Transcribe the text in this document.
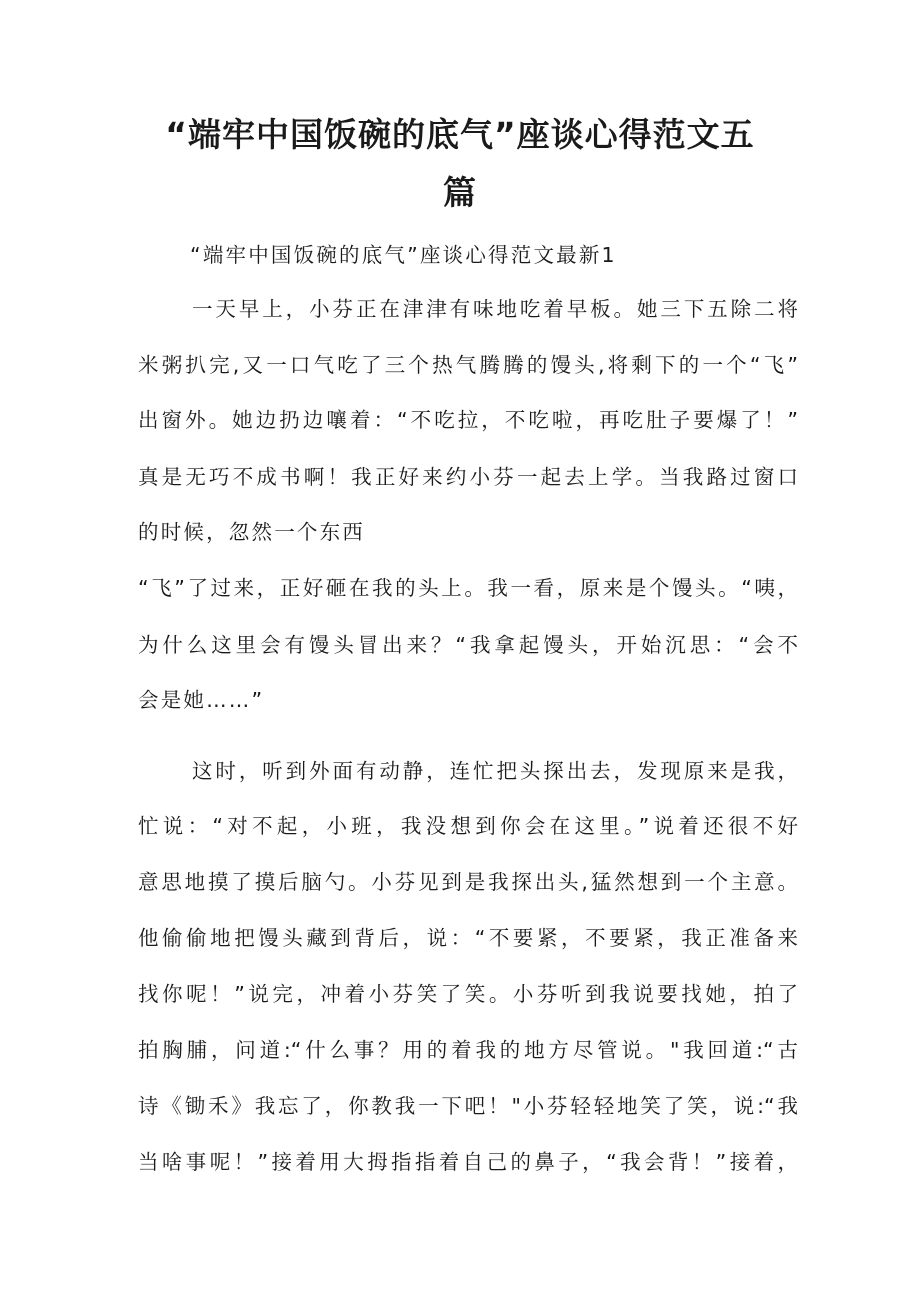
“端牢中国饭碗的底气”座谈心得范文五
篇
“端牢中国饭碗的底气”座谈心得范文最新1
一天早上，小芬正在津津有味地吃着早板。她三下五除二将
米粥扒完,又一口气吃了三个热气腾腾的馒头,将剩下的一个“飞”
出窗外。她边扔边嚷着：“不吃拉，不吃啦，再吃肚子要爆了！”
真是无巧不成书啊！我正好来约小芬一起去上学。当我路过窗口
的时候，忽然一个东西
“飞”了过来，正好砸在我的头上。我一看，原来是个馒头。“咦，
为什么这里会有馒头冒出来？“我拿起馒头，开始沉思：“会不
会是她……”
这时，听到外面有动静，连忙把头探出去，发现原来是我，
忙说：“对不起，小班，我没想到你会在这里。”说着还很不好
意思地摸了摸后脑勺。小芬见到是我探出头,猛然想到一个主意。
他偷偷地把馒头藏到背后，说：“不要紧，不要紧，我正准备来
找你呢！”说完，冲着小芬笑了笑。小芬听到我说要找她，拍了
拍胸脯，问道:“什么事？用的着我的地方尽管说。"我回道:“古
诗《锄禾》我忘了，你教我一下吧！"小芬轻轻地笑了笑，说:“我
当啥事呢！”接着用大拇指指着自己的鼻子，“我会背！”接着，
